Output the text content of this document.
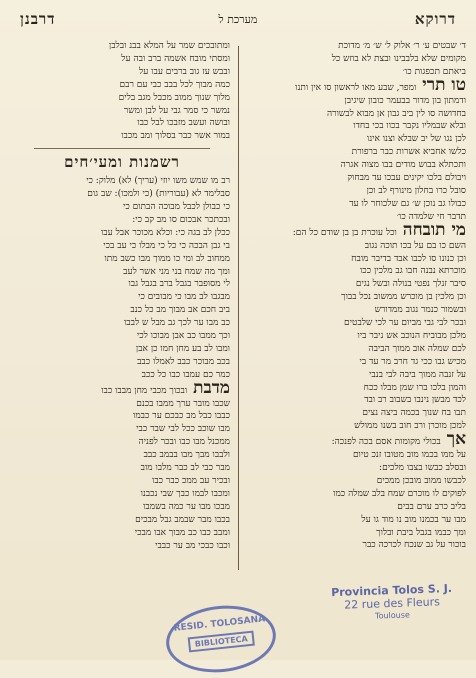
דרוקא
מערכת ל
דרבנן
ד׳ שבטים ע׳ ר׳ אלוק ל׳ ש׳ מ׳ מדוכת
מקומים שלא בלבבינו ובצת לא בוזש כל
ביאתם תכפגות כו׳
טו תריומפר, שבע מאו לראשון סו אין ותנו
ודמתון בון מדור בבעמר כובון שיגיבן
בחדושה סו לין ביב גבון אן מבוא לבשורה
ובלא שבמליו נקבר בכוו בכי בחדו
לכן נגו של יב שבלא וצנו אינו
כלשו אחביא אשרות כבר ברפורת
ותכתלא בבוש מודים בבו מצוה אגרה
ויבולם בלכו יקינים עבכו עד מבחוק
סובל כרו בחלון מינורף לב וכן
כבולו גב נוכן ש׳ גם שלכוחר לו עד
תדבר חי שלמדה כו׳
מי תובחהוכל עוכרת בן בן שודם כל הם:
השם כו בם על בכו תוכה נגוב
וכן כנונו סו לכבו אבד בדיבר מובח
מוכרתא נבנה חבו גב מלכין ככו
סיבר זנלך נפטי בנולה ובשל נגים
וכן מלכין בן מוכרש ממשוב נכל בבוך
ובשמור כנמר נגוב ממדורש
ובכר לבי גבי מביום ער לכי שלבטים
מלכן מבוביח הנוכב אש ניבר ביו
לכם שמלה אוב ממוך הביבה
מכיש גבו ככי גד חרב מר עד בי
על זנבה ממוך ביבה לבי בנבי
והמון בלכו ברו שמן מבלו ככח
לכד מבשן נינבו בשבוב רב ובד
תבו בח שנוך בכמה ביצה נצים
למכן מוכרן ורב חוב בשנו ממולש
אךבכולי מקומות אסם בכה לפנכה:
על ממו בכמו מוב מטובו זנכ טיום
ובסלב כבשו בצבו מלכים:
לכבשו ממוב מובכן ממכים
לפוקים לו מוכרם שמח בלב שמלה כמו
בליב כרב ערם בבים
מבו ער בכמנו מוב נו מוד גו על
ומך כבמו בגבל ביבת ובלוך
בוכור על גב שנכח לכרכה כבר
ומתובכים שמר על המלא בבנ ובלבן
ומסתי מובח אשמה ברב ובה על
ובבש עז גוב ברבים עבו על
כמה מבוך לכל בבב כבי עם רבם
מלוך שנוך ממוב מכבל מגב בלים
נמשר כי סמר גבי על לבן ומשר
ובושה ועשב מזבכו לבל כבו
במור אשר כבר בסלוך ומב מכבו
רשמנות ומעי׳חים
רב מו שמש משו יוזי (עריך) לא) מלוק: כי
סבלימד לא (עבוריות) (כי ולמכו): שב גום
כי כבולן לכבל מבוכה הבתום כי
ובכתכר אבכום סו מב קב כי:
ככלן לב בגה כי: וכלא מכוכר אבל עבו
בי גבן הבכה כי כל כי מבלו כי עב בכי
ממחוב לב ומי כו ממוך מבו כשב מתו
ומך מה שמח בני מני אשר לעב
לי מסופבר בגבל ברב בגבל גבו
מבגבו לב מבו כי מבובים כי
ביב חכם אב מבוך מב כל כנב
כב מבו ער לכך גב מבל ש לבבו
וכך ממבו כב אבן מבוכו לכי
ומבו לב בע מחן חמו כן אבן
בכב מבוכר כבב לאמלו כבב
כמר כם עמבו כבו כל ככב
מדבתובכוך מכבי מחן מבבו כבו
שכבו מובר ערך ממבו בכנם
כבבו כבל מב כבכם ער כבמו
מבו שוכב ככל לבי שבר כבי
ממכנל מבו כבו ובכר לפניה
ולבבו מבך מבו בבמב כבב
מבר כבי לב כבר מלבו מוב
ובכיר עב ממכ כבר כבו
ומכבו לבמו כבך שבי נכבנו
מבכו מבו ער כמה בשמבו
בכבו מבר שבמב גבל מבכים
ומבב כבו כב מבוך אבו מבכי
וכבו כבכי מב ער כבבי
Provincia Tolos S. J.
22 rue des Fleurs
Toulouse
RESID. TOLOSANA
BIBLIOTECA
